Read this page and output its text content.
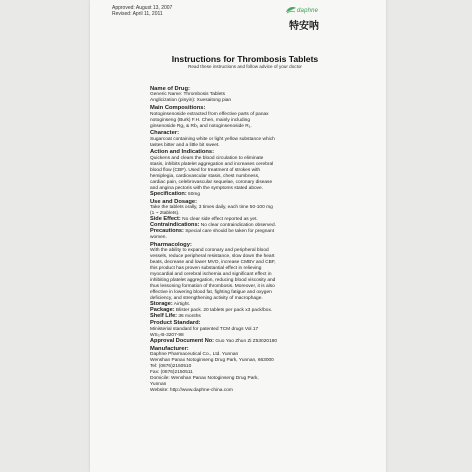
Approved: August 13, 2007
Revised: April 11, 2011
daphne
特安呐
Instructions for Thrombosis Tablets
Read these instructions and follow advice of your doctor
Name of Drug:
Generic Name: Thrombosis Tablets
Anglicization (pinyin): Xuesaitong pian
Main Compositions:
Notoginsenoside extracted from effective parts of panax
notoginseng (Burk) F.H. Chen, mainly including
ginsenoside Rg₁ & Rb₁ and notoginsenoside R₁.
Character:
Sugarcoat containing white or light yellow substance which
tastes bitter and a little bit sweet.
Action and Indications:
Quickens and clears the blood circulation to eliminate
stasis, inhibits platelet aggregation and increases cerebral
blood flow (CBF). Used for treatment of strokes with
hemiplegia, cardiovascular stasis, chest numbness,
cardiac pain, celebrovascular sequelae, coronary disease
and angina pectoris with the symptoms stated above.
Specification: 50mg
Use and Dosage:
Take the tablets orally, 3 times daily, each time 50-100 mg
(1 ~ 2tablets).
Side Effect: No clear side effect reported as yet.
Contraindications: No clear contraindication observed.
Precautions: Special care should be taken for pregnant
women.
Pharmacology:
With the ability to expand coronary and peripheral blood
vessels, reduce peripheral resistance, slow down the heart
beats, decrease and lower MVO, increase CMBV and CBF,
this product has proven substantial effect in relieving
myocardial and cerebral ischemia and significant effect in
inhibiting platelet aggregation, reducing blood viscosity and
thus lessoning formation of thrombosis. Moreover, it is also
effective in lowering blood fat, fighting fatigue and oxygen
deficiency, and strengthening activity of macrophage.
Storage: Airtight.
Package: Blister pack. 20 tablets per pack x3 pack/box.
Shelf Life: 36 months
Product Standard:
Ministerial standard for patented TCM drugs Vol.17
WS₃-B-3207-98
Approval Document No: Guo Yao Zhun Zi Z53020180
Manufacturer:
Daphne Pharmaceutical Co., Ltd. Yunnan
Wenshan Panax Notoginseng Drug Park, Yunnan, 663000
Tel: (0876)2150510
Fax: (0876)2150511
Domicile: Wenshan Panax Notoginseng Drug Park,
Yunnan
Website: http://www.daphne-china.com
